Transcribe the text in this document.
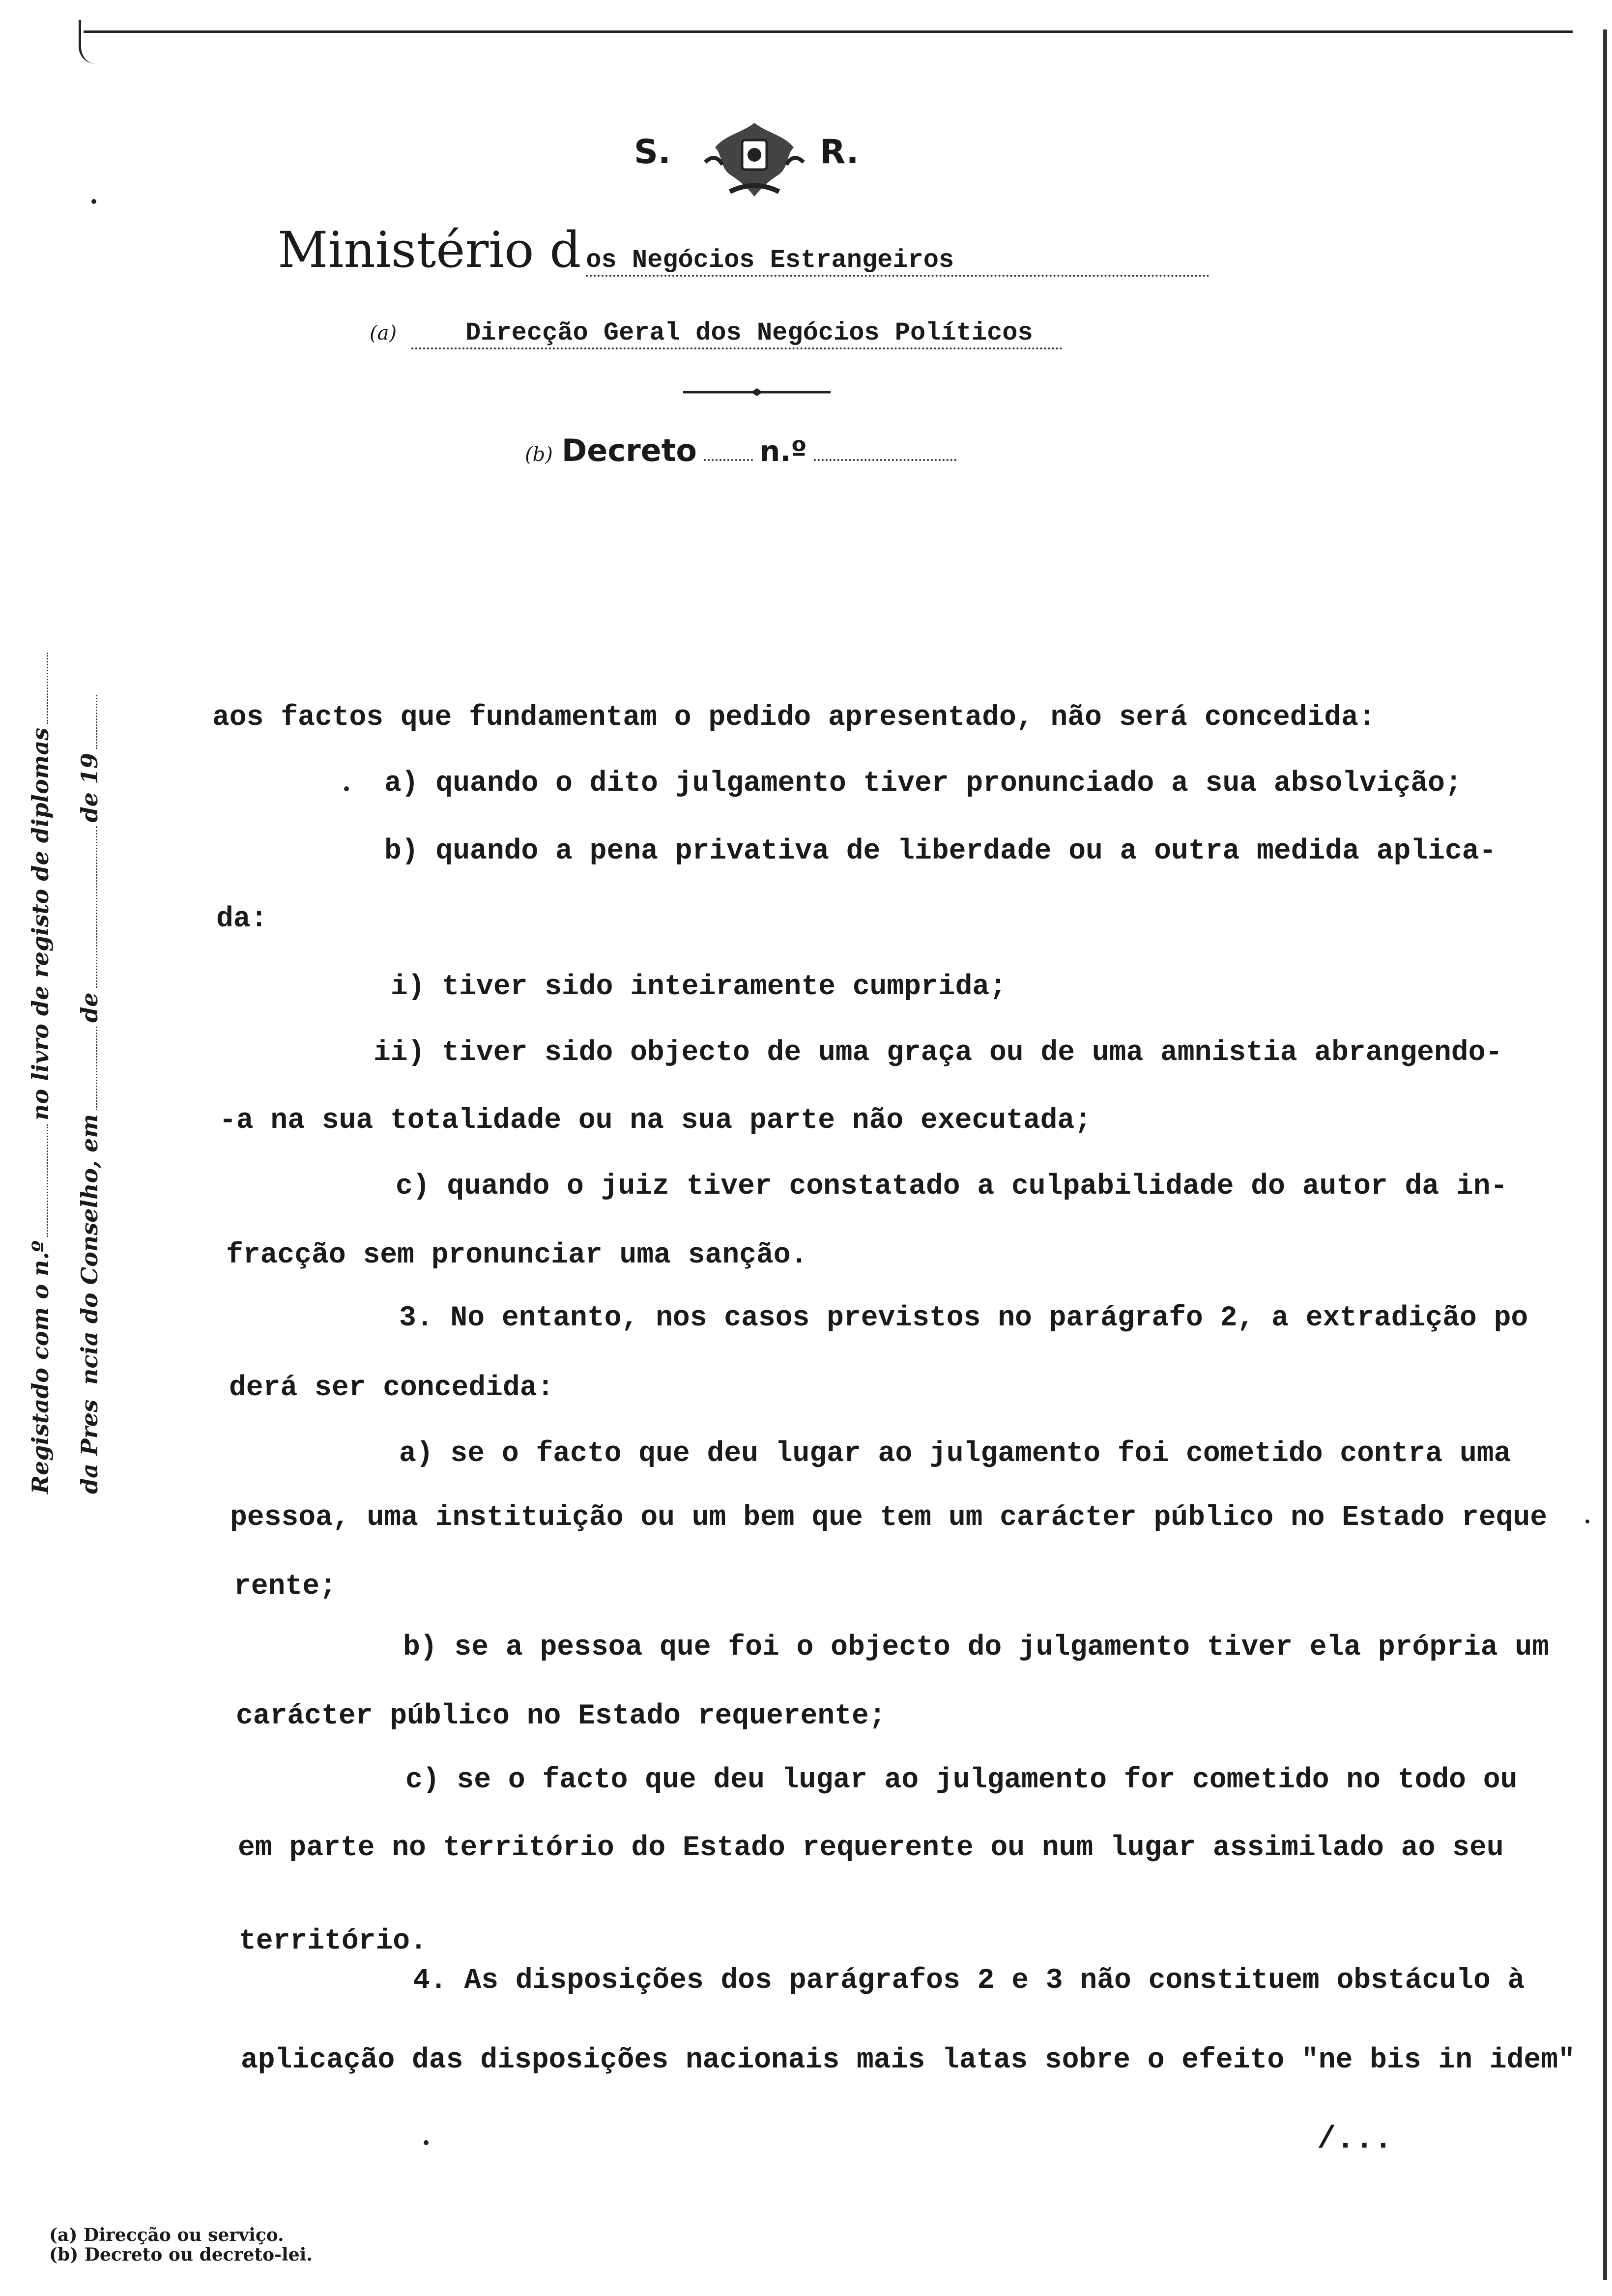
S.	R.
Ministério d os Negócios Estrangeiros
(a)	Direcção Geral dos Negócios Políticos
(b) Decreto n.º
Registado com o n.º
no livro de registo de diplomas
da Pres
ncia do Conselho, em
de
de 19
aos factos que fundamentam o pedido apresentado, não será concedida:
a) quando o dito julgamento tiver pronunciado a sua absolvição;
b) quando a pena privativa de liberdade ou a outra medida aplica-
da:
i) tiver sido inteiramente cumprida;
ii) tiver sido objecto de uma graça ou de uma amnistia abrangendo-
-a na sua totalidade ou na sua parte não executada;
c) quando o juiz tiver constatado a culpabilidade do autor da in-
fracção sem pronunciar uma sanção.
3. No entanto, nos casos previstos no parágrafo 2, a extradição po
derá ser concedida:
a) se o facto que deu lugar ao julgamento foi cometido contra uma
pessoa, uma instituição ou um bem que tem um carácter público no Estado reque
rente;
b) se a pessoa que foi o objecto do julgamento tiver ela própria um
carácter público no Estado requerente;
c) se o facto que deu lugar ao julgamento for cometido no todo ou
em parte no território do Estado requerente ou num lugar assimilado ao seu
território.
4. As disposições dos parágrafos 2 e 3 não constituem obstáculo à
aplicação das disposições nacionais mais latas sobre o efeito "ne bis in idem"
/...
(a) Direcção ou serviço.
(b) Decreto ou decreto-lei.
